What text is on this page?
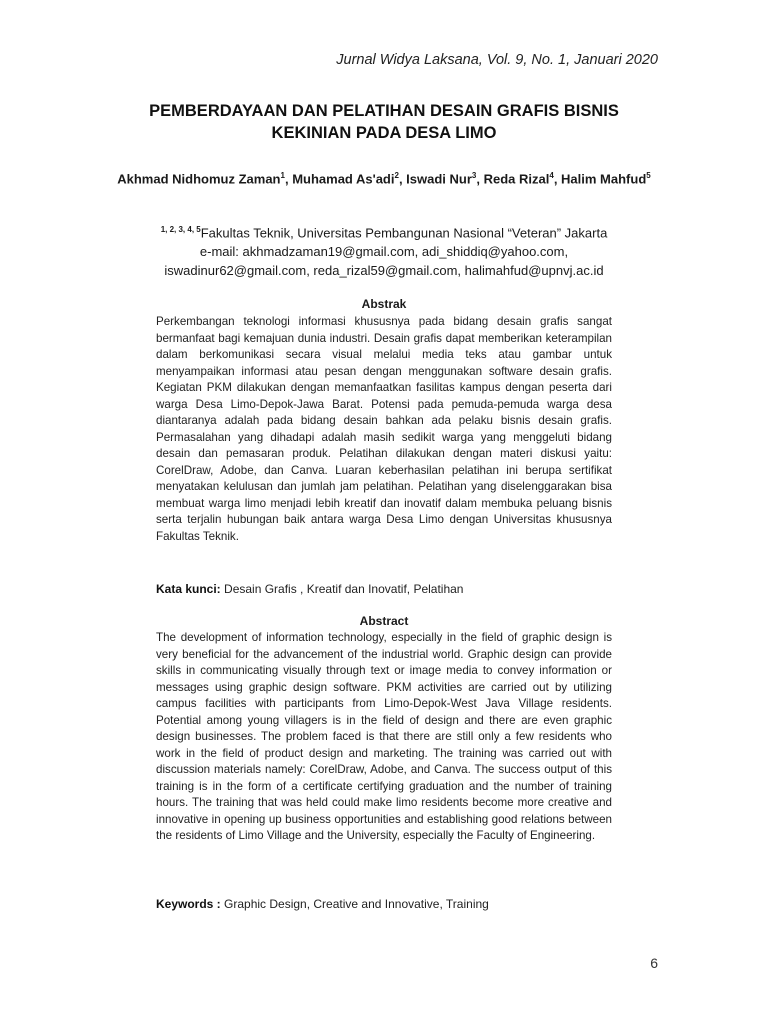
Jurnal Widya Laksana, Vol. 9, No. 1, Januari 2020
PEMBERDAYAAN DAN PELATIHAN DESAIN GRAFIS BISNIS
KEKINIAN PADA DESA LIMO
Akhmad Nidhomuz Zaman$^1$, Muhamad As'adi$^2$, Iswadi Nur$^3$, Reda Rizal$^4$, Halim Mahfud$^5$
$^{1, 2, 3, 4, 5}$Fakultas Teknik, Universitas Pembangunan Nasional “Veteran” Jakarta
e-mail: akhmadzaman19@gmail.com, adi_shiddiq@yahoo.com,
iswadinur62@gmail.com, reda_rizal59@gmail.com, halimahfud@upnvj.ac.id
Abstrak
Perkembangan teknologi informasi khususnya pada bidang desain grafis sangat bermanfaat bagi kemajuan dunia industri. Desain grafis dapat memberikan keterampilan dalam berkomunikasi secara visual melalui media teks atau gambar untuk menyampaikan informasi atau pesan dengan menggunakan software desain grafis. Kegiatan PKM dilakukan dengan memanfaatkan fasilitas kampus dengan peserta dari warga Desa Limo-Depok-Jawa Barat. Potensi pada pemuda-pemuda warga desa diantaranya adalah pada bidang desain bahkan ada pelaku bisnis desain grafis. Permasalahan yang dihadapi adalah masih sedikit warga yang menggeluti bidang desain dan pemasaran produk. Pelatihan dilakukan dengan materi diskusi yaitu: CorelDraw, Adobe, dan Canva. Luaran keberhasilan pelatihan ini berupa sertifikat menyatakan kelulusan dan jumlah jam pelatihan. Pelatihan yang diselenggarakan bisa membuat warga limo menjadi lebih kreatif dan inovatif dalam membuka peluang bisnis serta terjalin hubungan baik antara warga Desa Limo dengan Universitas khususnya Fakultas Teknik.
Kata kunci: Desain Grafis , Kreatif dan Inovatif, Pelatihan
Abstract
The development of information technology, especially in the field of graphic design is very beneficial for the advancement of the industrial world. Graphic design can provide skills in communicating visually through text or image media to convey information or messages using graphic design software. PKM activities are carried out by utilizing campus facilities with participants from Limo-Depok-West Java Village residents. Potential among young villagers is in the field of design and there are even graphic design businesses. The problem faced is that there are still only a few residents who work in the field of product design and marketing. The training was carried out with discussion materials namely: CorelDraw, Adobe, and Canva. The success output of this training is in the form of a certificate certifying graduation and the number of training hours. The training that was held could make limo residents become more creative and innovative in opening up business opportunities and establishing good relations between the residents of Limo Village and the University, especially the Faculty of Engineering.
Keywords : Graphic Design, Creative and Innovative, Training
6
